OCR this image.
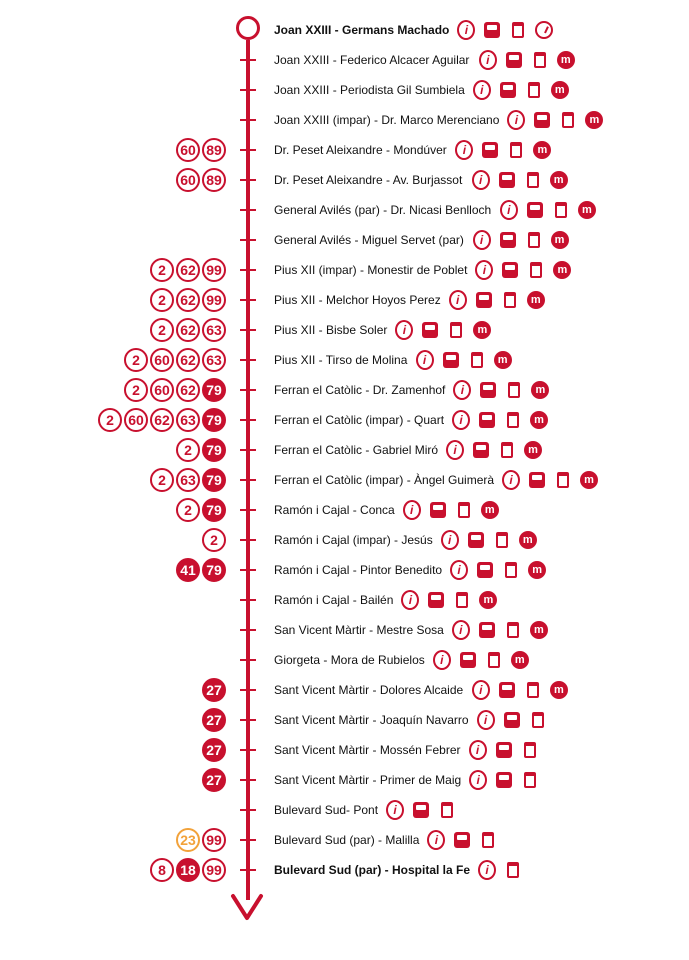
Joan XXIII - Germans Machado	i
Joan XXIII - Federico Alcacer Aguilar	i	m
Joan XXIII - Periodista Gil Sumbiela	i	m
Joan XXIII (impar) - Dr. Marco Merenciano	i	m
60 89	Dr. Peset Aleixandre - Mondúver	i	m
60 89	Dr. Peset Aleixandre - Av. Burjassot	i	m
General Avilés (par) - Dr. Nicasi Benlloch	i	m
General Avilés - Miguel Servet (par)	i	m
2	62 99	Pius XII (impar) - Monestir de Poblet	i	m
2	62 99	Pius XII - Melchor Hoyos Perez	i	m
2	62 63	Pius XII - Bisbe Soler	i	m
2	60 62 63	Pius XII - Tirso de Molina	i	m
2	60 62 79	Ferran el Catòlic - Dr. Zamenhof	i	m
2	60 62 63 79	Ferran el Catòlic (impar) - Quart	i	m
2	79	Ferran el Catòlic - Gabriel Miró	i	m
2	63 79	Ferran el Catòlic (impar) - Àngel Guimerà	i	m
2	79	Ramón i Cajal - Conca	i	m
2	Ramón i Cajal (impar) - Jesús	i	m
41 79	Ramón i Cajal - Pintor Benedito	i	m
Ramón i Cajal - Bailén	i	m
San Vicent Màrtir - Mestre Sosa	i	m
Giorgeta - Mora de Rubielos	i	m
27	Sant Vicent Màrtir - Dolores Alcaide	i	m
27	Sant Vicent Màrtir - Joaquín Navarro	i
27	Sant Vicent Màrtir - Mossén Febrer	i
27	Sant Vicent Màrtir - Primer de Maig	i
Bulevard Sud- Pont	i
23 99	Bulevard Sud (par) - Malilla	i
8	18 99	Bulevard Sud (par) - Hospital la Fe	i
